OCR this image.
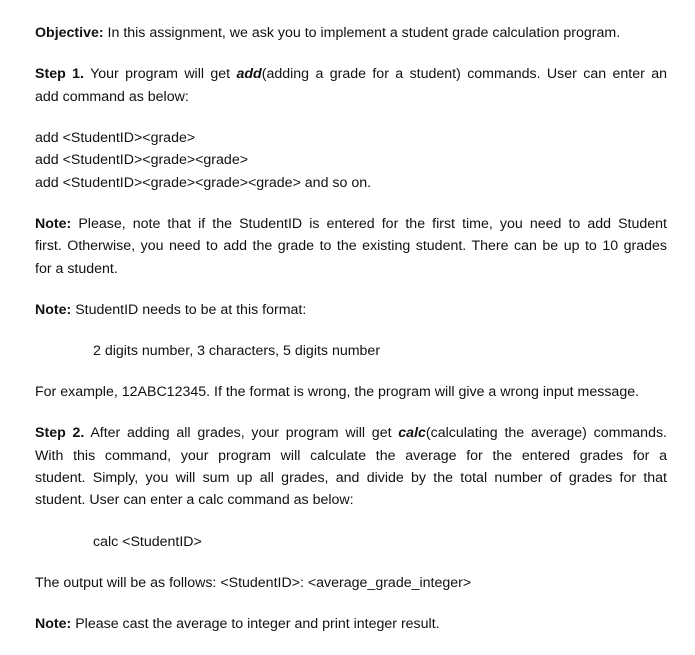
Objective: In this assignment, we ask you to implement a student grade calculation program.
Step 1. Your program will get add(adding a grade for a student) commands. User can enter an
add command as below:
add <StudentID><grade>
add <StudentID><grade><grade>
add <StudentID><grade><grade><grade> and so on.
Note: Please, note that if the StudentID is entered for the first time, you need to add Student
first. Otherwise, you need to add the grade to the existing student. There can be up to 10 grades
for a student.
Note: StudentID needs to be at this format:
2 digits number, 3 characters, 5 digits number
For example, 12ABC12345. If the format is wrong, the program will give a wrong input message.
Step 2. After adding all grades, your program will get calc(calculating the average) commands.
With this command, your program will calculate the average for the entered grades for a
student. Simply, you will sum up all grades, and divide by the total number of grades for that
student. User can enter a calc command as below:
calc <StudentID>
The output will be as follows: <StudentID>: <average_grade_integer>
Note: Please cast the average to integer and print integer result.
